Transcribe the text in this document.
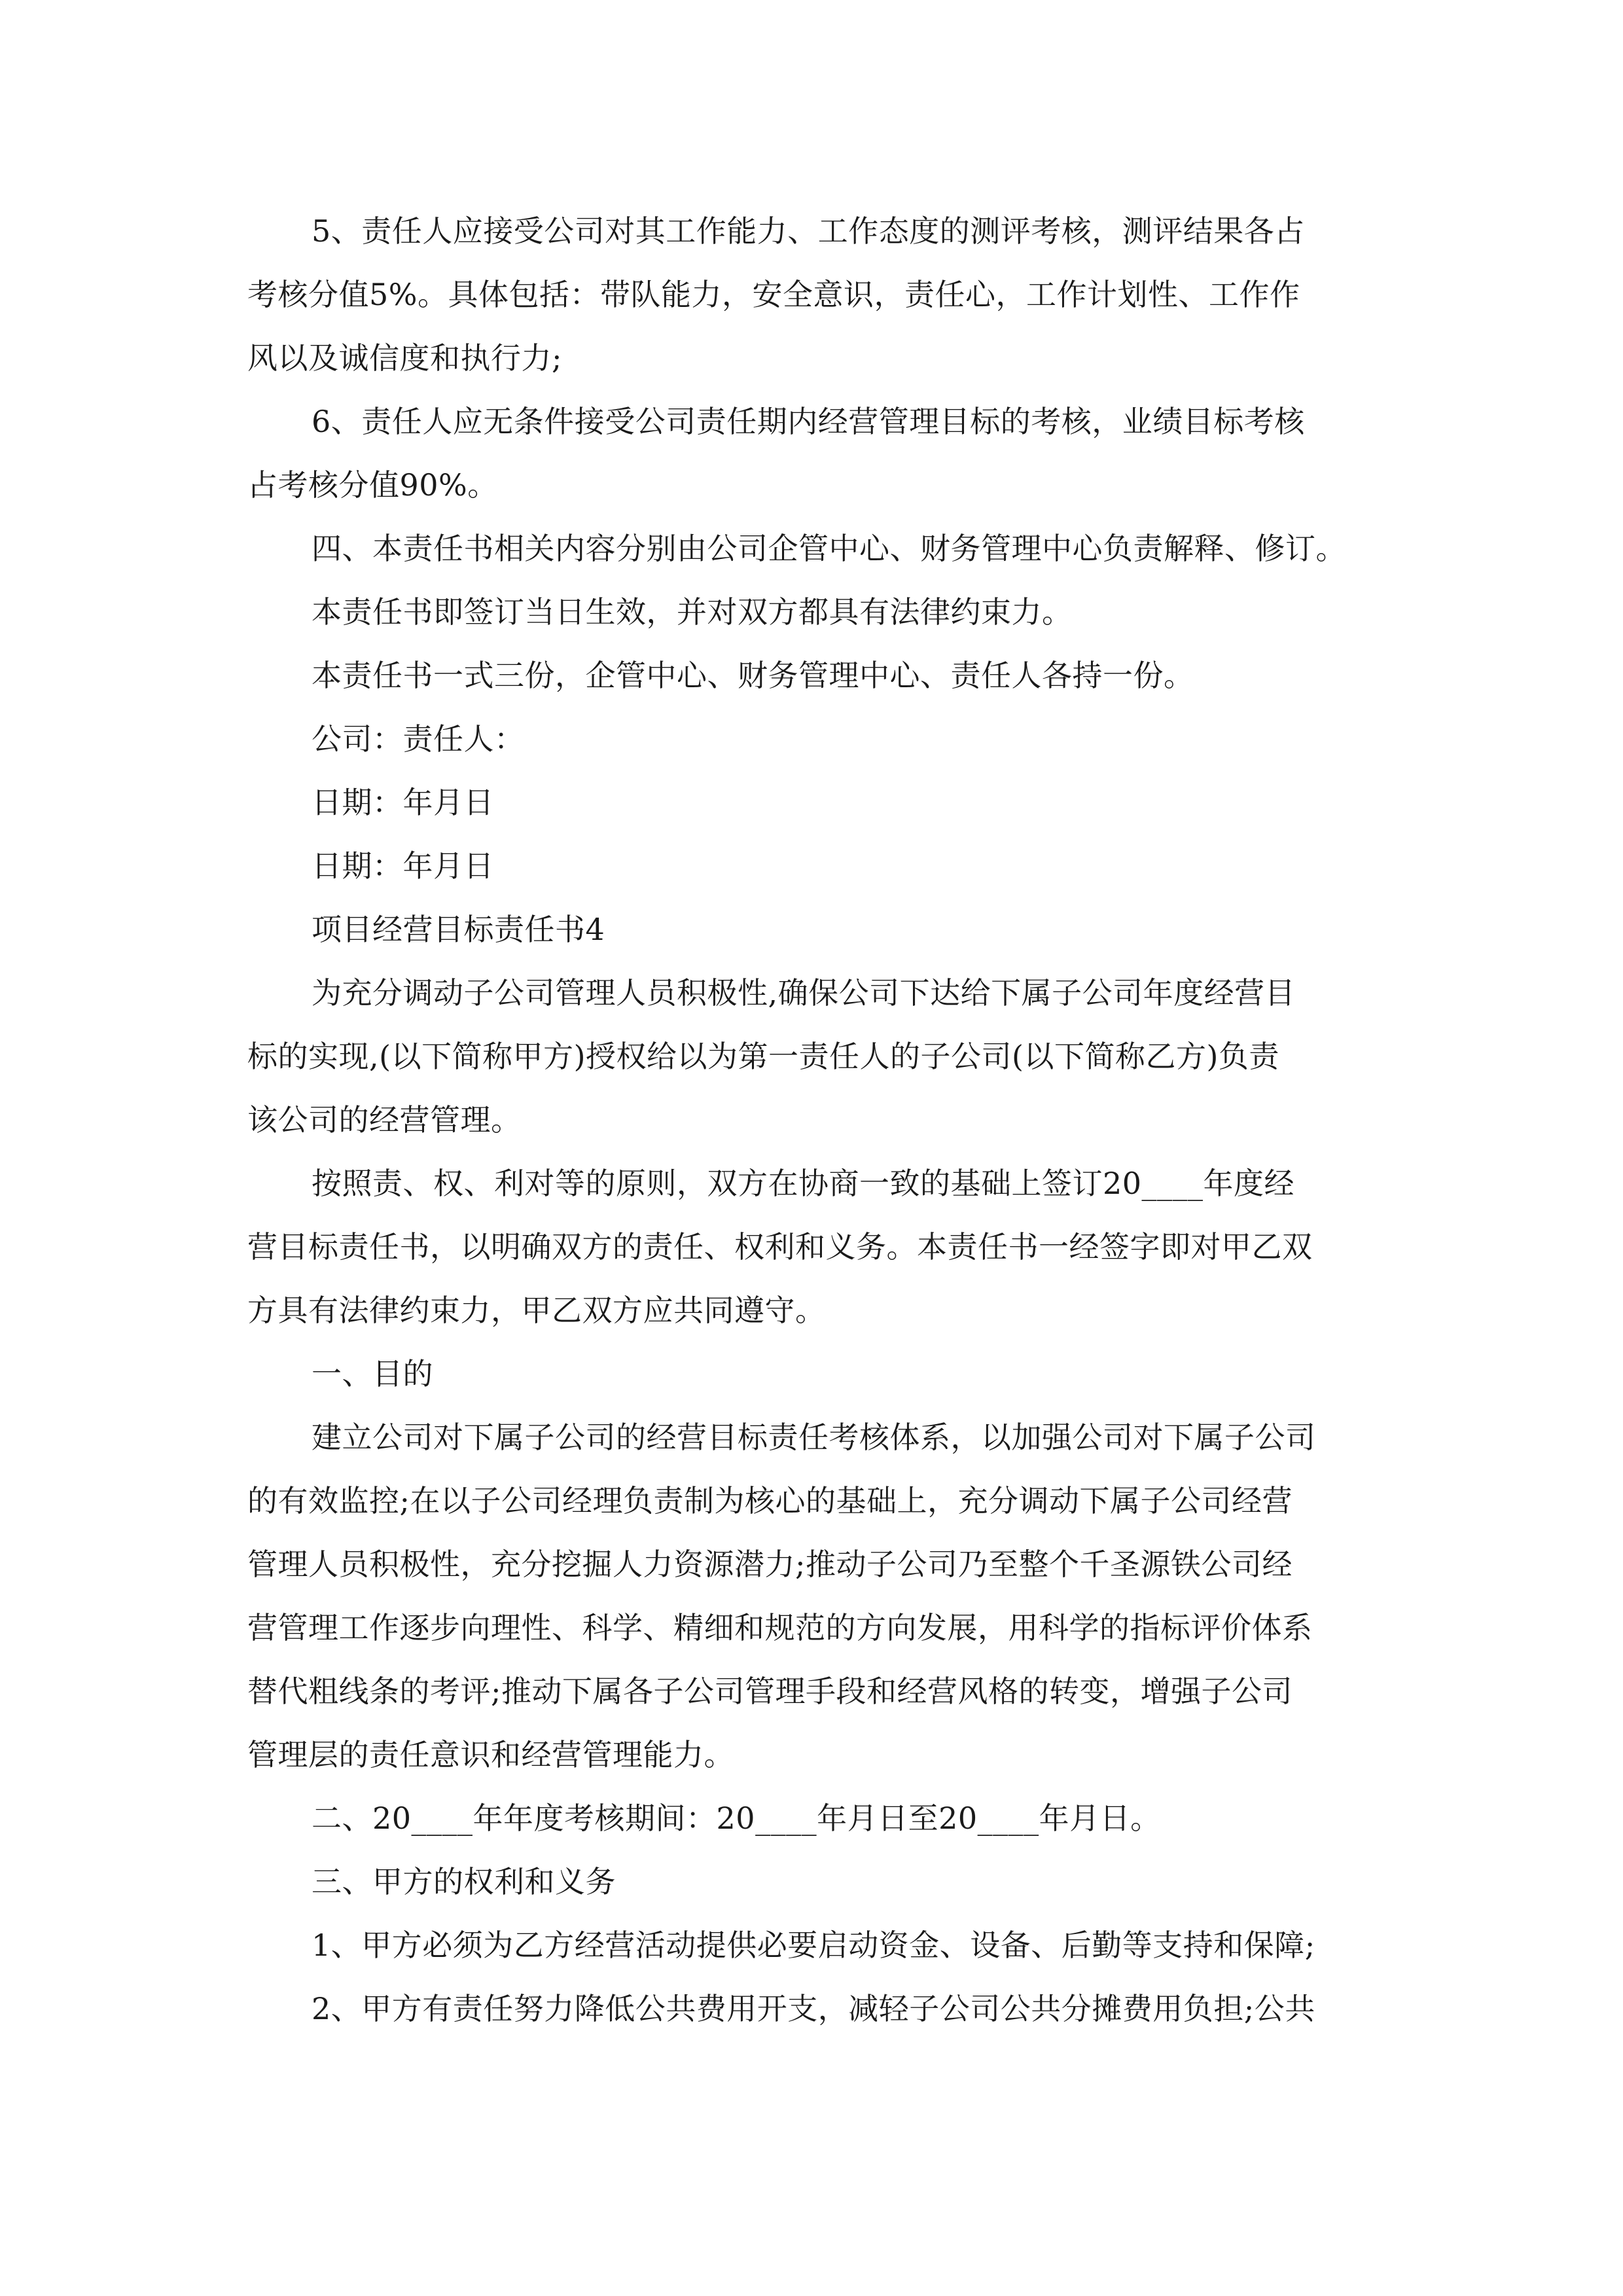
5、责任人应接受公司对其工作能力、工作态度的测评考核，测评结果各占

考核分值5%。具体包括：带队能力，安全意识，责任心，工作计划性、工作作

风以及诚信度和执行力;

6、责任人应无条件接受公司责任期内经营管理目标的考核，业绩目标考核

占考核分值90%。

四、本责任书相关内容分别由公司企管中心、财务管理中心负责解释、修订。

本责任书即签订当日生效，并对双方都具有法律约束力。

本责任书一式三份，企管中心、财务管理中心、责任人各持一份。

公司：责任人：

日期：年月日

日期：年月日

项目经营目标责任书4

为充分调动子公司管理人员积极性,确保公司下达给下属子公司年度经营目

标的实现,(以下简称甲方)授权给以为第一责任人的子公司(以下简称乙方)负责

该公司的经营管理。

按照责、权、利对等的原则，双方在协商一致的基础上签订20____年度经

营目标责任书，以明确双方的责任、权利和义务。本责任书一经签字即对甲乙双

方具有法律约束力，甲乙双方应共同遵守。

一、目的

建立公司对下属子公司的经营目标责任考核体系，以加强公司对下属子公司

的有效监控;在以子公司经理负责制为核心的基础上，充分调动下属子公司经营

管理人员积极性，充分挖掘人力资源潜力;推动子公司乃至整个千圣源铁公司经

营管理工作逐步向理性、科学、精细和规范的方向发展，用科学的指标评价体系

替代粗线条的考评;推动下属各子公司管理手段和经营风格的转变，增强子公司

管理层的责任意识和经营管理能力。

二、20____年年度考核期间：20____年月日至20____年月日。

三、甲方的权利和义务

1、甲方必须为乙方经营活动提供必要启动资金、设备、后勤等支持和保障;

2、甲方有责任努力降低公共费用开支，减轻子公司公共分摊费用负担;公共
